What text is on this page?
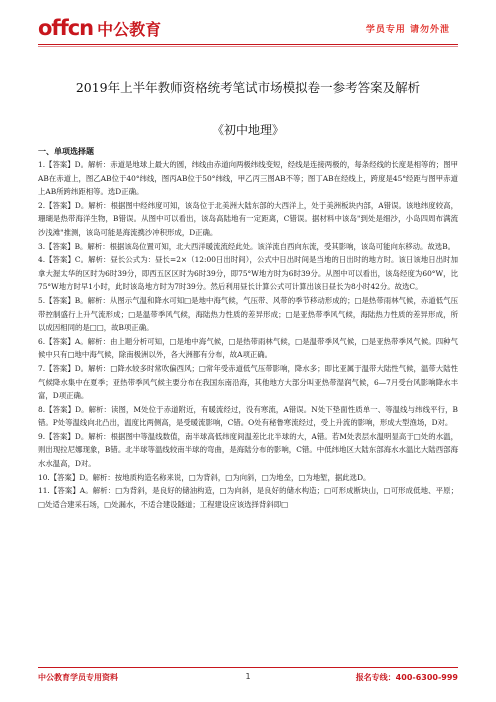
offcn 中公教育	学员专用 请勿外泄
2019年上半年教师资格统考笔试市场模拟卷一参考答案及解析
《初中地理》
一、单项选择题

1.【答案】D。解析：赤道是地球上最大的圆，纬线由赤道向两极纬线变短，经线是连接两极的，每条经线的长度是相等的；图甲AB在赤道上，图乙AB位于40°纬线，图丙AB位于50°纬线，甲乙丙三图AB不等；图丁AB在经线上，跨度是45°经距与图甲赤道上AB所跨纬距相等。选D正确。

2.【答案】D。解析：根据图中经纬度可知，该岛位于北美洲大陆东部的大西洋上，处于美洲板块内部，A错误。该地纬度较高，珊瑚是热带海洋生物，B错误。从图中可以看出，该岛高陆地有一定距离，C错误。据材料中该岛"到处是细沙，小岛四周布满流沙浅滩"推测，该岛可能是海流携沙冲积形成，D正确。

3.【答案】B。解析：根据该岛位置可知，北大西洋暖流流经此处。该洋流自西向东流，受其影响，该岛可能向东移动。故选B。

4.【答案】C。解析：昼长公式为：昼长=2×（12:00日出时间），公式中日出时间是当地的日出时的地方时。该日该地日出时加拿大渥太华的区时为6时39分，即西五区区时为6时39分，即75°W地方时为6时39分。从图中可以看出，该岛经度为60°W，比75°W地方时早1小时，此时该岛地方时为7时39分。然后利用昼长计算公式可计算出该日昼长为8小时42分。故选C。

5.【答案】B。解析：从图示气温和降水可知□是地中海气候，气压带、风带的季节移动形成的；□是热带雨林气候，赤道低气压带控制盛行上升气流形成；□是温带季风气候，海陆热力性质的差异形成；□是亚热带季风气候，海陆热力性质的差异形成，所以成因相同的是□□，故B项正确。

6.【答案】A。解析：由上题分析可知，□是地中海气候，□是热带雨林气候，□是温带季风气候，□是亚热带季风气候。四种气候中只有□地中海气候，除南极洲以外，各大洲都有分布，故A项正确。

7.【答案】D。解析：□降水较多时常吹偏西风；□常年受赤道低气压带影响，降水多；即比亚属于温带大陆性气候，温带大陆性气候降水集中在夏季；亚热带季风气候主要分布在我国东南沿海，其他地方大部分叫亚热带湿润气候，6—7月受台风影响降水丰富，D项正确。

8.【答案】D。解析：读图，M处位于赤道附近，有暖流经过，没有寒流，A错误。N处下垫面性质单一、等温线与纬线平行，B错。P处等温线向北凸出，温度比两侧高，是受暖流影响，C错。O处有秘鲁寒流经过，受上升流的影响，形成大型渔场，D对。

9.【答案】D。解析：根据图中等温线数值，南半球高低纬度间温差比北半球的大，A错。若M处表层水温明显高于□处的水温，则出现拉尼娜现象，B错。北半球等温线较南半球的弯曲，是海陆分布的影响，C错。中低纬地区大陆东部海水水温比大陆西部海水水温高，D对。

10.【答案】D。解析：按地质构造名称来说，□为背斜，□为向斜，□为地垒，□为地堑，据此选D。

11.【答案】A。解析：□为背斜，是良好的储油构造，□为向斜，是良好的储水构造；□可形成断块山，□可形成低地、平原；□处适合建采石场，□处漏水，不适合建设隧道；工程建设应该选择背斜即□

中公教育学员专用资料	1	报名专线：400-6300-999
